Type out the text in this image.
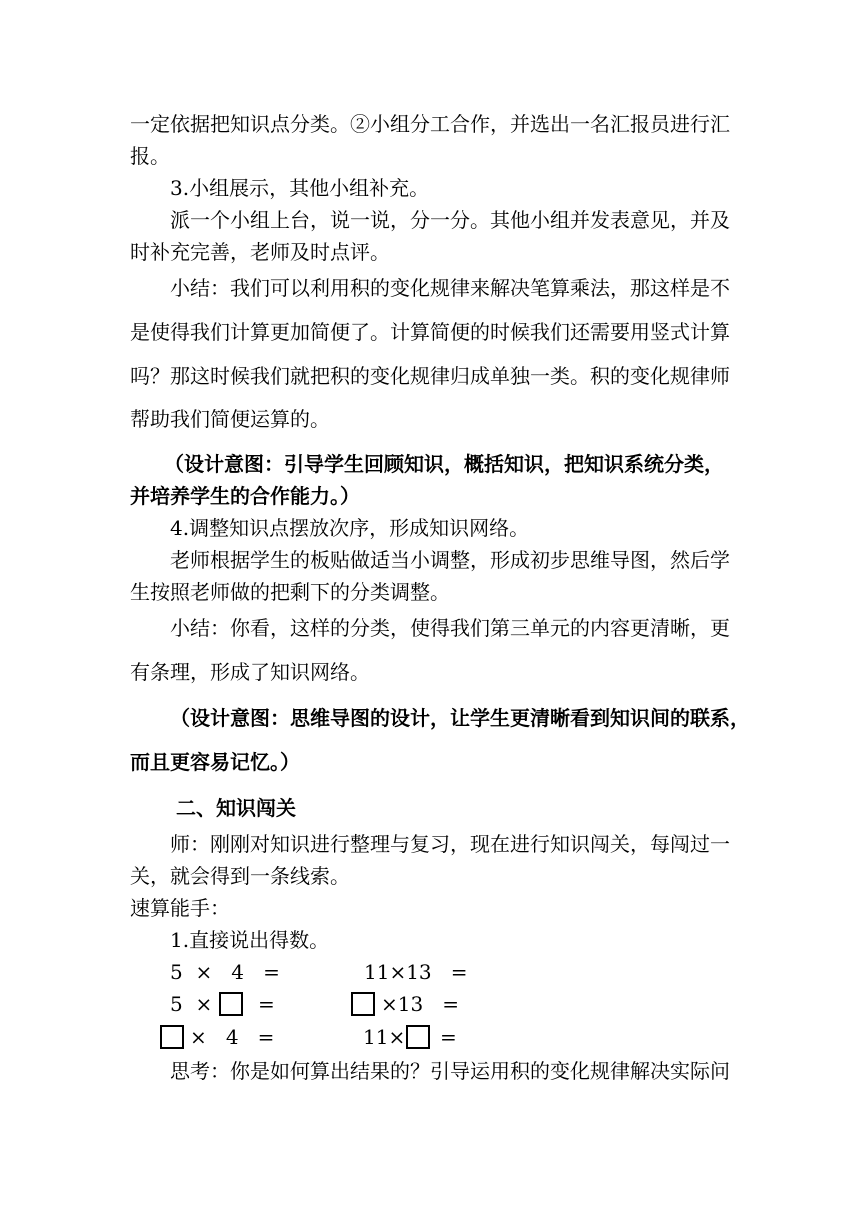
一定依据把知识点分类。②小组分工合作，并选出一名汇报员进行汇
报。
3.小组展示，其他小组补充。
派一个小组上台，说一说，分一分。其他小组并发表意见，并及
时补充完善，老师及时点评。
小结：我们可以利用积的变化规律来解决笔算乘法，那这样是不
是使得我们计算更加简便了。计算简便的时候我们还需要用竖式计算
吗？那这时候我们就把积的变化规律归成单独一类。积的变化规律师
帮助我们简便运算的。
（设计意图：引导学生回顾知识，概括知识，把知识系统分类，
并培养学生的合作能力。）
4.调整知识点摆放次序，形成知识网络。
老师根据学生的板贴做适当小调整，形成初步思维导图，然后学
生按照老师做的把剩下的分类调整。
小结：你看，这样的分类，使得我们第三单元的内容更清晰，更
有条理，形成了知识网络。
（设计意图：思维导图的设计，让学生更清晰看到知识间的联系，
而且更容易记忆。）
二、知识闯关
师：刚刚对知识进行整理与复习，现在进行知识闯关，每闯过一
关，就会得到一条线索。
速算能手：
1.直接说出得数。
5  ×   4   =	11×13   =
5  × =	×13   =
×   4   =	11× =
思考：你是如何算出结果的？引导运用积的变化规律解决实际问
